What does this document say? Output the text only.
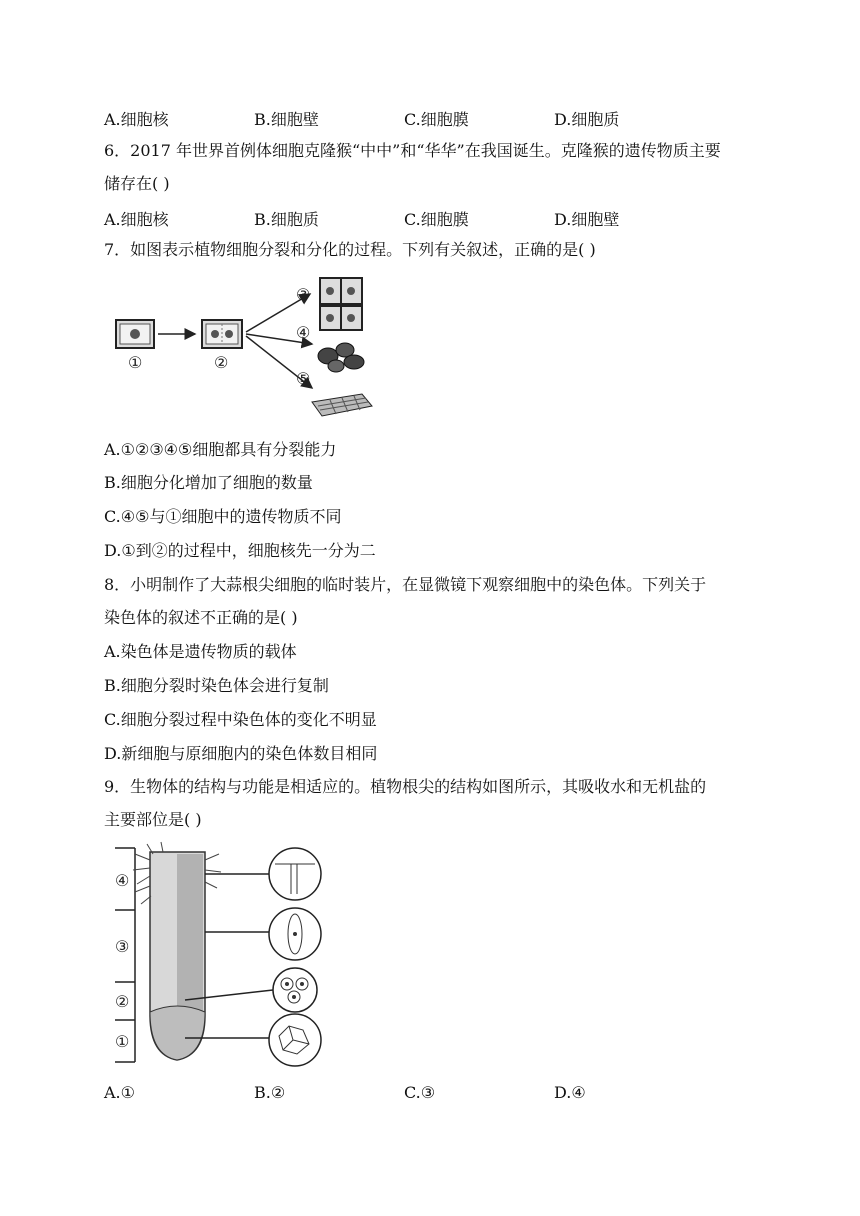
A.细胞核	B.细胞壁	C.细胞膜	D.细胞质
6．2017 年世界首例体细胞克隆猴“中中”和“华华”在我国诞生。克隆猴的遗传物质主要
储存在( )
A.细胞核	B.细胞质	C.细胞膜	D.细胞壁
7．如图表示植物细胞分裂和分化的过程。下列有关叙述，正确的是( )
①	②
③
④
⑤
A.①②③④⑤细胞都具有分裂能力
B.细胞分化增加了细胞的数量
C.④⑤与①细胞中的遗传物质不同
D.①到②的过程中，细胞核先一分为二
8．小明制作了大蒜根尖细胞的临时装片，在显微镜下观察细胞中的染色体。下列关于
染色体的叙述不正确的是( )
A.染色体是遗传物质的载体
B.细胞分裂时染色体会进行复制
C.细胞分裂过程中染色体的变化不明显
D.新细胞与原细胞内的染色体数目相同
9．生物体的结构与功能是相适应的。植物根尖的结构如图所示，其吸收水和无机盐的
主要部位是( )
④
③
②
①
A.①	B.②	C.③	D.④
